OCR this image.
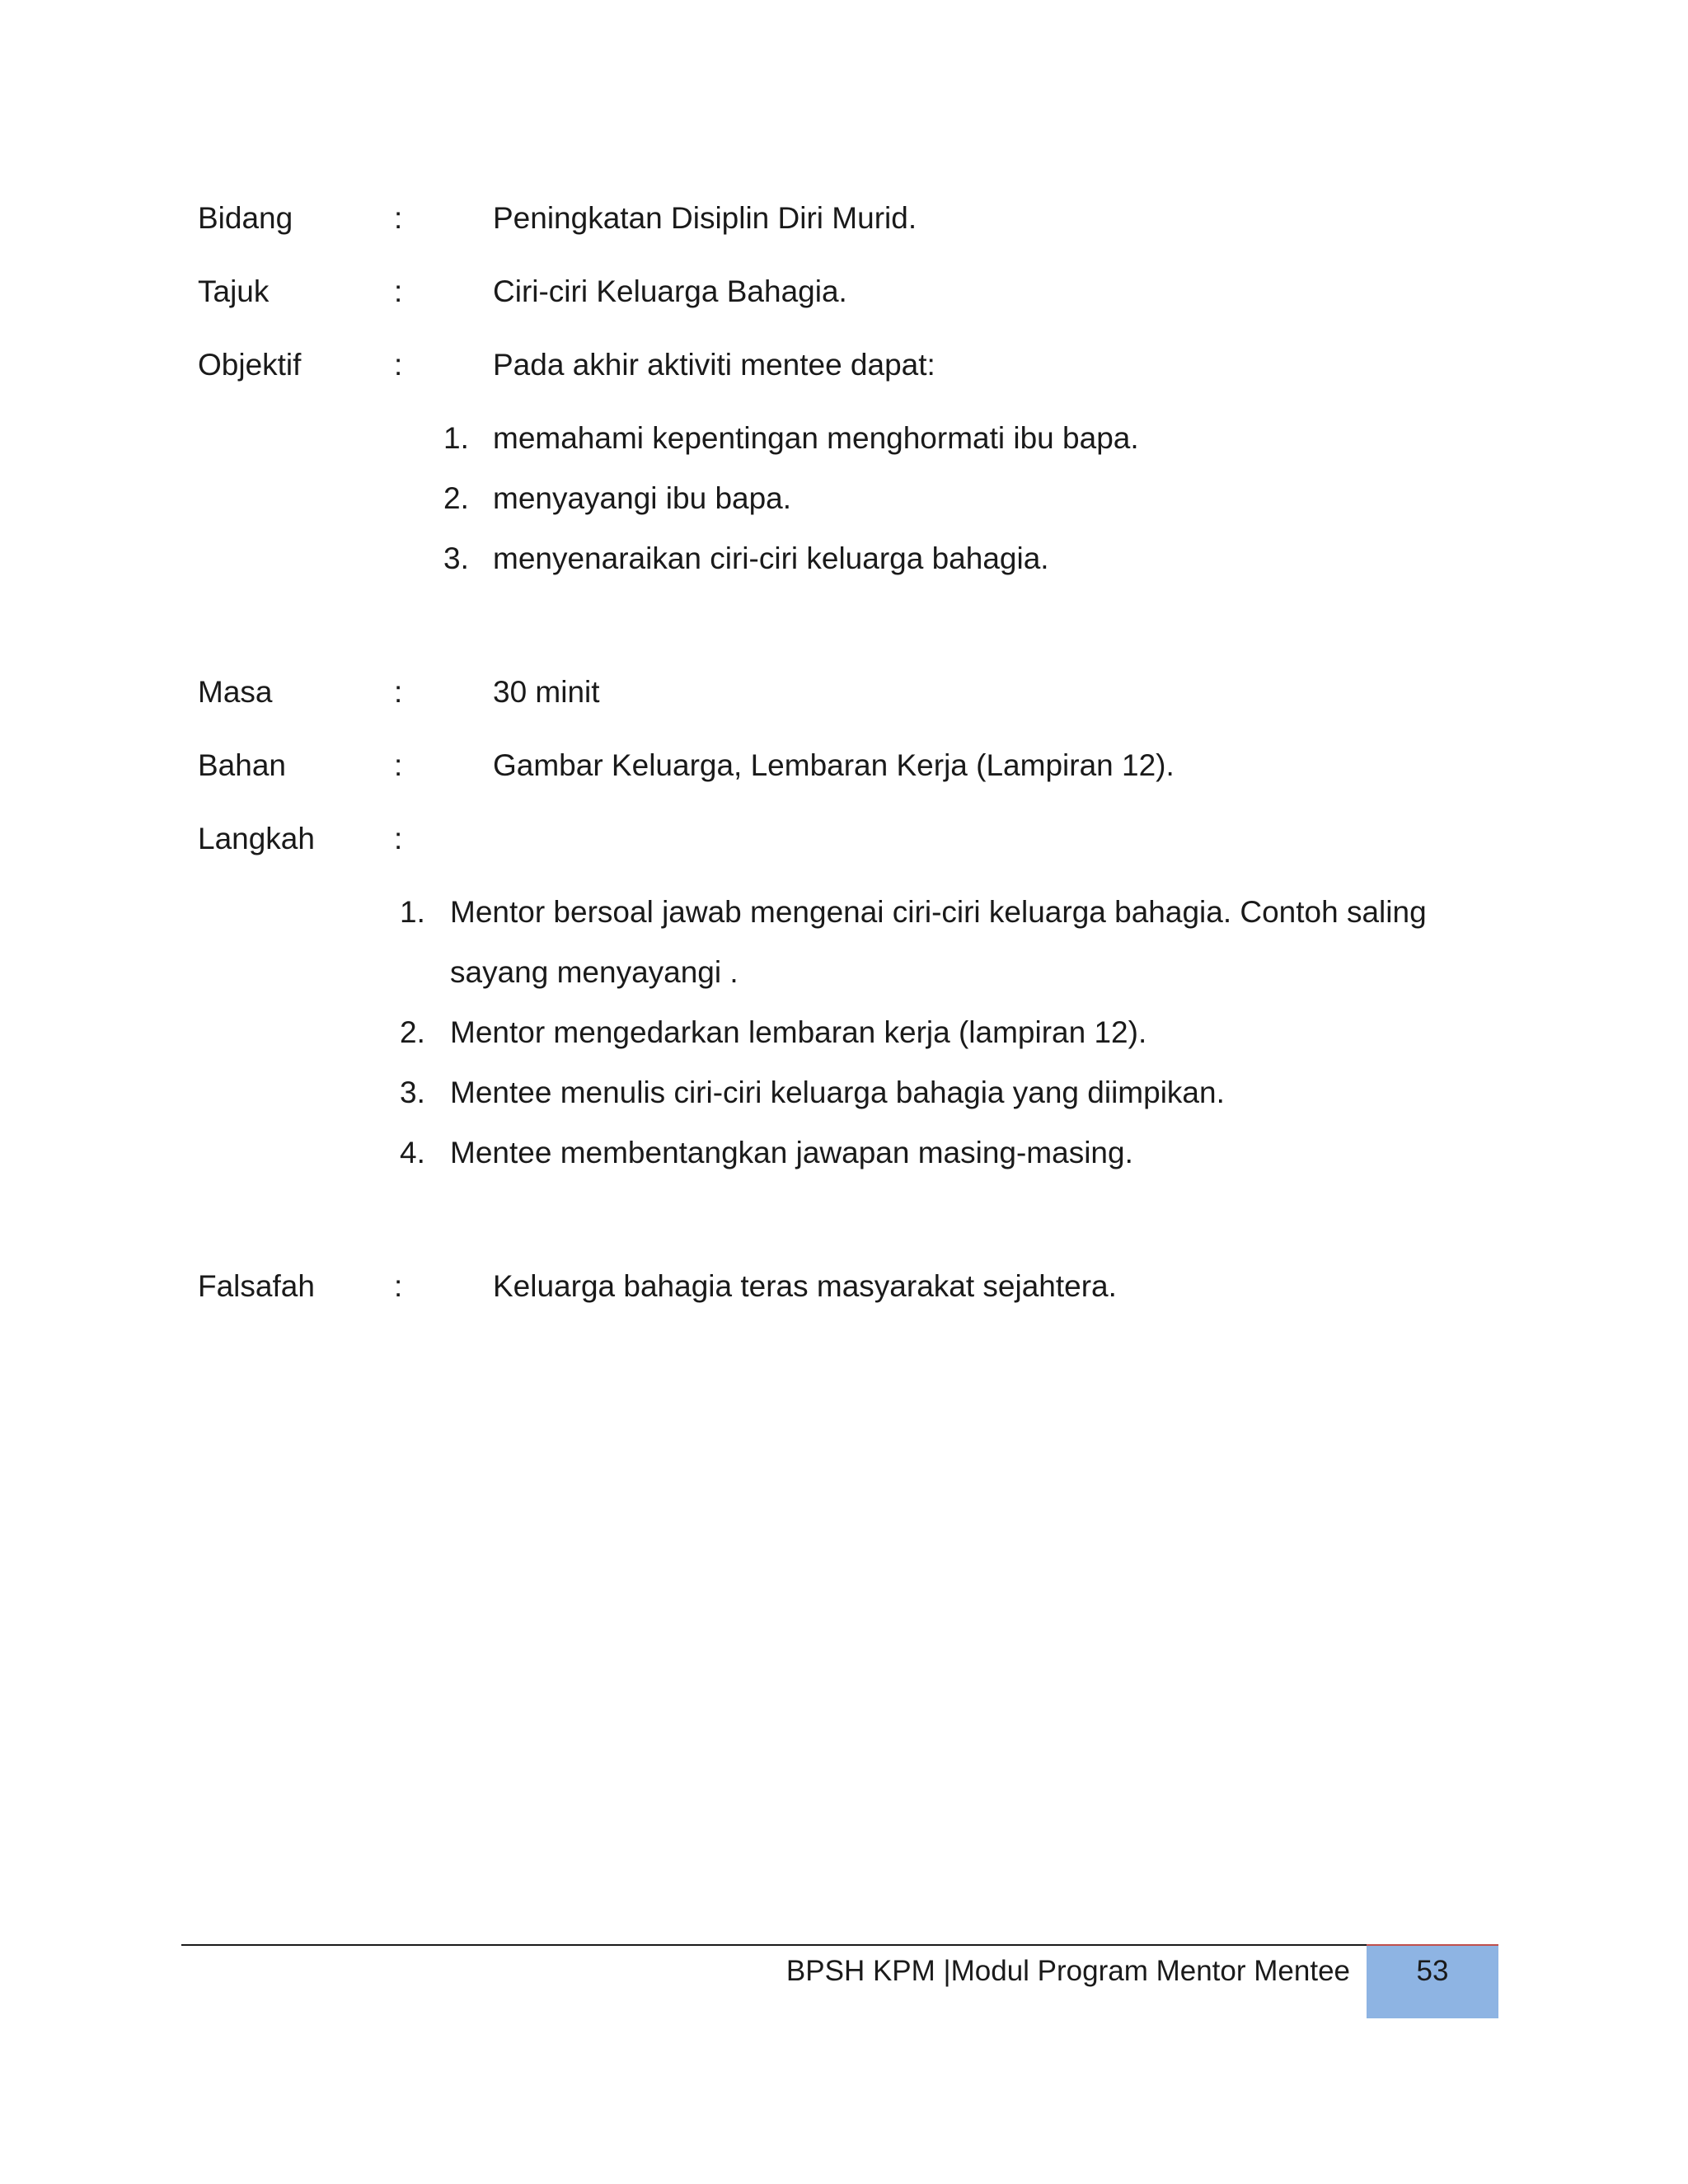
Bidang	:	Peningkatan Disiplin Diri Murid.
Tajuk	:	Ciri-ciri Keluarga Bahagia.
Objektif	:	Pada akhir aktiviti mentee dapat:
1. memahami kepentingan menghormati ibu bapa.
2. menyayangi ibu bapa.
3. menyenaraikan ciri-ciri keluarga bahagia.
Masa	:	30 minit
Bahan	:	Gambar Keluarga, Lembaran Kerja (Lampiran 12).
Langkah	:
1. Mentor bersoal jawab mengenai ciri-ciri keluarga bahagia. Contoh saling
sayang menyayangi .
2. Mentor mengedarkan lembaran kerja (lampiran 12).
3. Mentee menulis ciri-ciri keluarga bahagia yang diimpikan.
4. Mentee membentangkan jawapan masing-masing.
Falsafah	:	Keluarga bahagia teras masyarakat sejahtera.
BPSH KPM |Modul Program Mentor Mentee	53
